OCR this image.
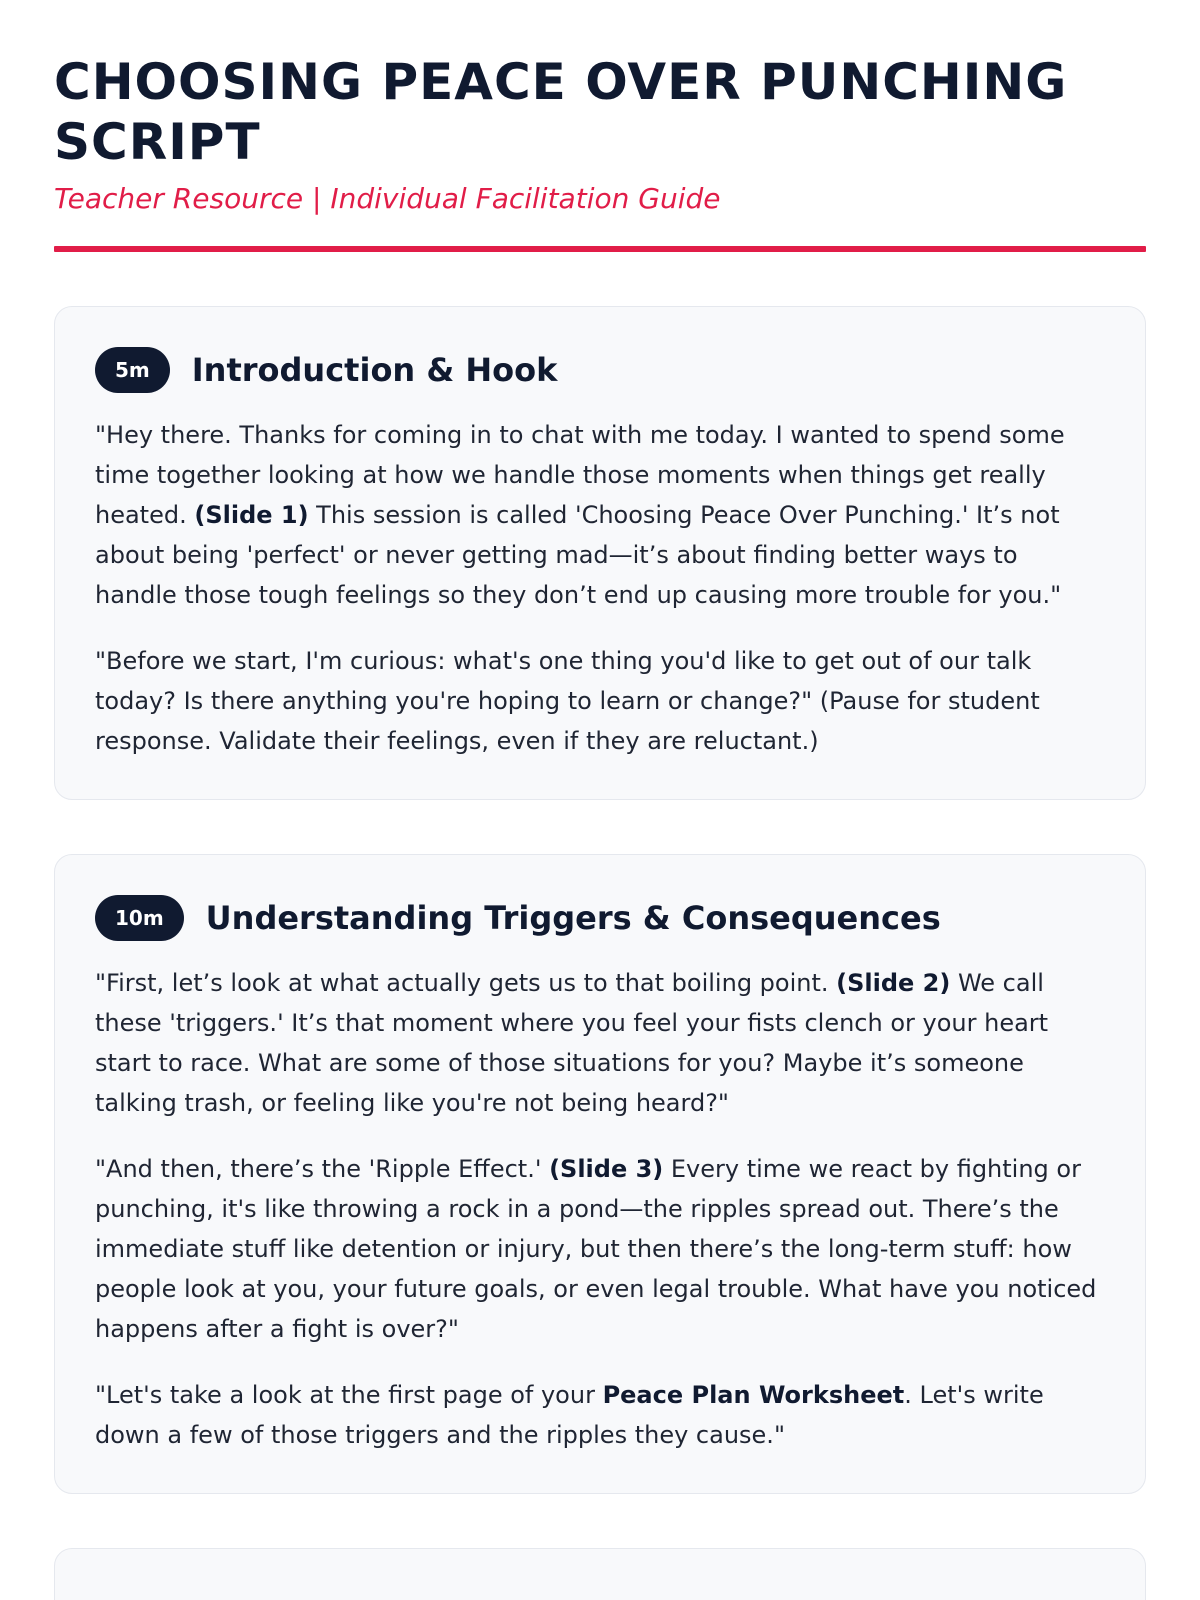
CHOOSING PEACE OVER PUNCHING SCRIPT

Teacher Resource | Individual Facilitation Guide

5m	Introduction & Hook

"Hey there. Thanks for coming in to chat with me today. I wanted to spend some time together looking at how we handle those moments when things get really heated. (Slide 1) This session is called 'Choosing Peace Over Punching.' It’s not about being 'perfect' or never getting mad—it’s about finding better ways to handle those tough feelings so they don’t end up causing more trouble for you."

"Before we start, I'm curious: what's one thing you'd like to get out of our talk today? Is there anything you're hoping to learn or change?" (Pause for student response. Validate their feelings, even if they are reluctant.)

10m	Understanding Triggers & Consequences

"First, let’s look at what actually gets us to that boiling point. (Slide 2) We call these 'triggers.' It’s that moment where you feel your fists clench or your heart start to race. What are some of those situations for you? Maybe it’s someone talking trash, or feeling like you're not being heard?"

"And then, there’s the 'Ripple Effect.' (Slide 3) Every time we react by fighting or punching, it's like throwing a rock in a pond—the ripples spread out. There’s the immediate stuff like detention or injury, but then there’s the long-term stuff: how people look at you, your future goals, or even legal trouble. What have you noticed happens after a fight is over?"

"Let's take a look at the first page of your Peace Plan Worksheet. Let's write down a few of those triggers and the ripples they cause."
